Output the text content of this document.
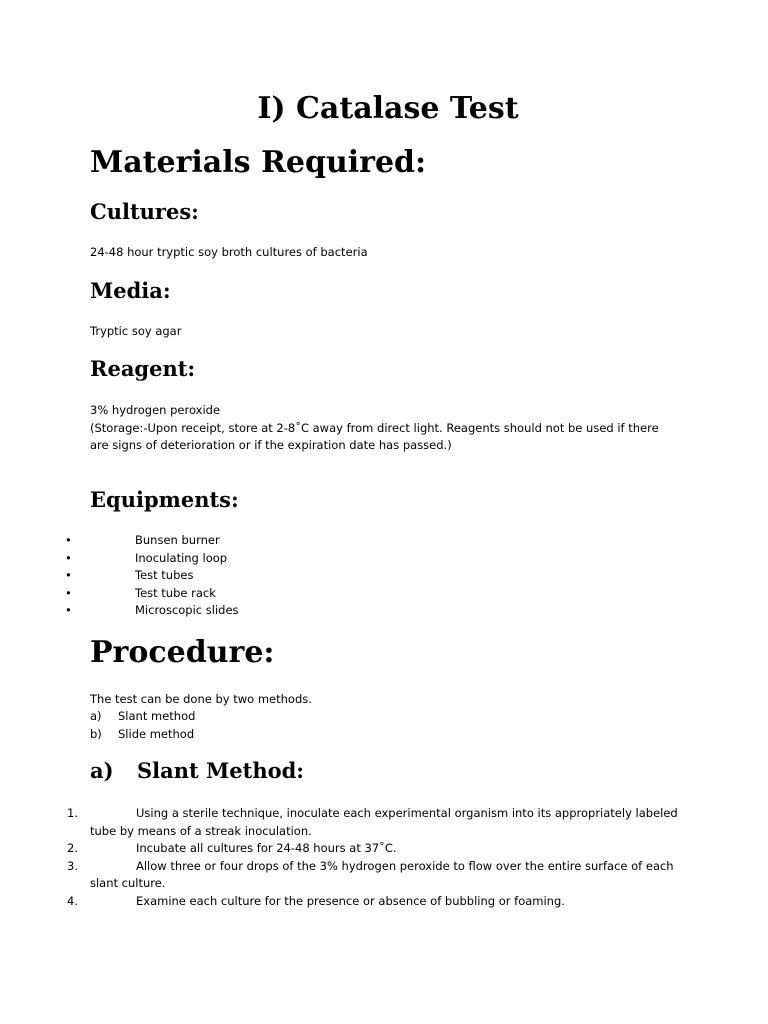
I) Catalase Test
Materials Required:
Cultures:

24-48 hour tryptic soy broth cultures of bacteria

Media:

Tryptic soy agar

Reagent:

3% hydrogen peroxide
(Storage:-Upon receipt, store at 2-8˚C away from direct light. Reagents should not be used if there are signs of deterioration or if the expiration date has passed.)

Equipments:
•	Bunsen burner
•	Inoculating loop
•	Test tubes
•	Test tube rack
•	Microscopic slides
Procedure:

The test can be done by two methods.

a) Slant method
b) Slide method
a) Slant Method:
1.	Using a sterile technique, inoculate each experimental organism into its appropriately labeled tube by means of a streak inoculation.
2.	Incubate all cultures for 24-48 hours at 37˚C.
3.	Allow three or four drops of the 3% hydrogen peroxide to flow over the entire surface of each slant culture.
4.	Examine each culture for the presence or absence of bubbling or foaming.
